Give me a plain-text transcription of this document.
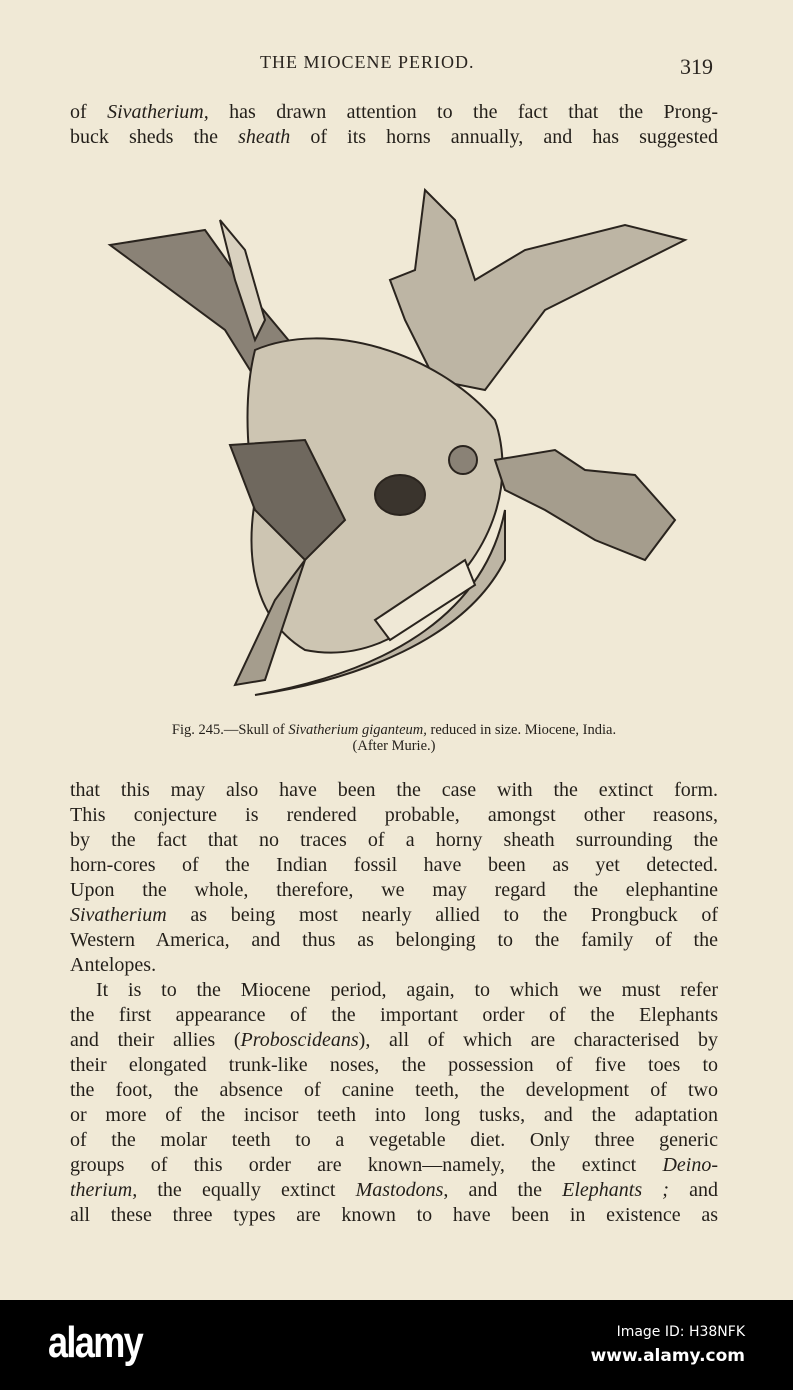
THE MIOCENE PERIOD.	319
of Sivatherium, has drawn attention to the fact that the Prong-
buck sheds the sheath of its horns annually, and has suggested
Fig. 245.—Skull of Sivatherium giganteum, reduced in size. Miocene, India.
(After Murie.)
that this may also have been the case with the extinct form.
This conjecture is rendered probable, amongst other reasons,
by the fact that no traces of a horny sheath surrounding the
horn-cores of the Indian fossil have been as yet detected.
Upon the whole, therefore, we may regard the elephantine
Sivatherium as being most nearly allied to the Prongbuck of
Western America, and thus as belonging to the family of the
Antelopes.
It is to the Miocene period, again, to which we must refer
the first appearance of the important order of the Elephants
and their allies (Proboscideans), all of which are characterised by
their elongated trunk-like noses, the possession of five toes to
the foot, the absence of canine teeth, the development of two
or more of the incisor teeth into long tusks, and the adaptation
of the molar teeth to a vegetable diet. Only three generic
groups of this order are known—namely, the extinct Deino-
therium, the equally extinct Mastodons, and the Elephants ; and
all these three types are known to have been in existence as
alamy	Image ID: H38NFK
www.alamy.com
